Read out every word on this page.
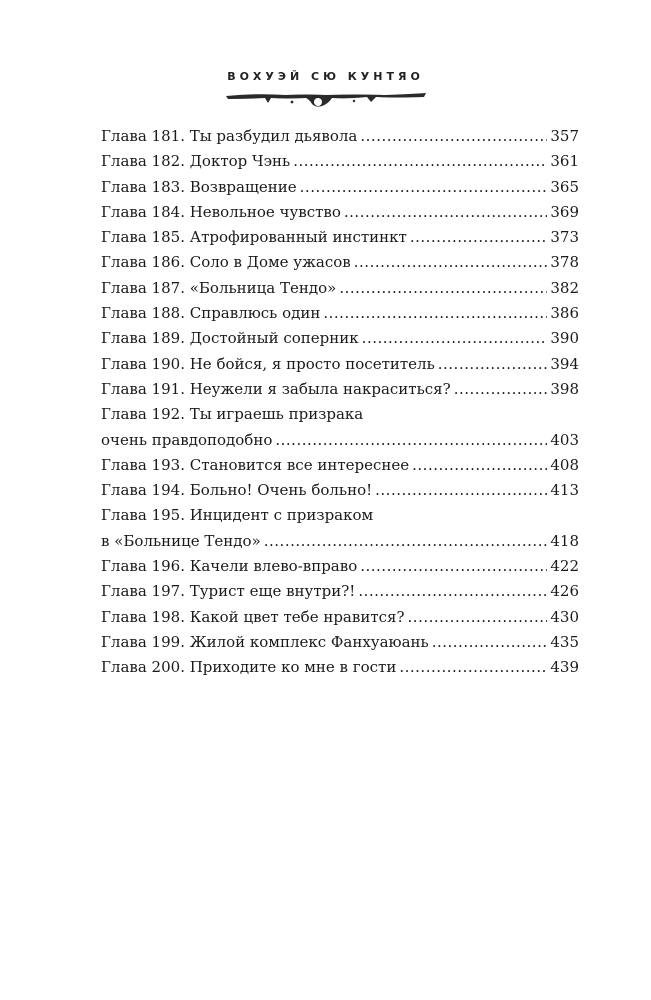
ВОХУЭЙ СЮ КУНТЯО
Глава 181. Ты разбудил дьявола .....	357
Глава 182. Доктор Чэнь .....	361
Глава 183. Возвращение .....	365
Глава 184. Невольное чувство .....	369
Глава 185. Атрофированный инстинкт .....	373
Глава 186. Соло в Доме ужасов .....	378
Глава 187. «Больница Тендо» .....	382
Глава 188. Справлюсь один .....	386
Глава 189. Достойный соперник .....	390
Глава 190. Не бойся, я просто посетитель .....	394
Глава 191. Неужели я забыла накраситься? .....	398
Глава 192. Ты играешь призрака
очень правдоподобно .....	403
Глава 193. Становится все интереснее .....	408
Глава 194. Больно! Очень больно! .....	413
Глава 195. Инцидент с призраком
в «Больнице Тендо» .....	418
Глава 196. Качели влево-вправо .....	422
Глава 197. Турист еще внутри?! .....	426
Глава 198. Какой цвет тебе нравится? .....	430
Глава 199. Жилой комплекс Фанхуаюань .....	435
Глава 200. Приходите ко мне в гости .....	439
